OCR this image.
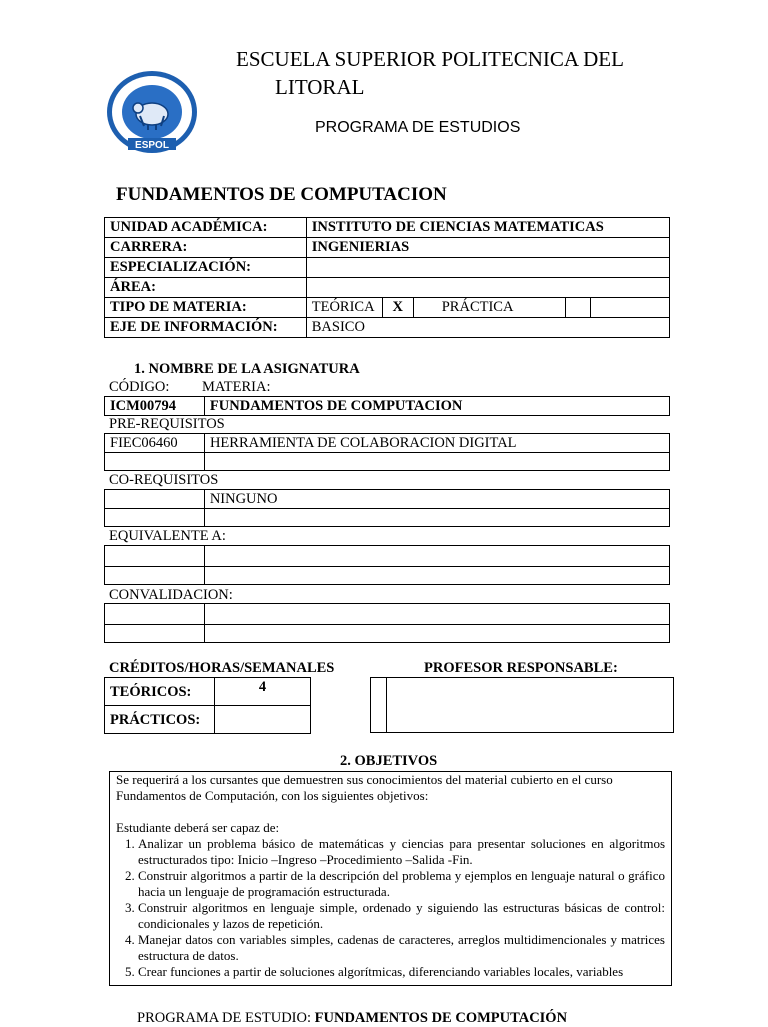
ESPOL
ESCUELA SUPERIOR POLITECNICA DEL
LITORAL
PROGRAMA DE ESTUDIOS
FUNDAMENTOS DE COMPUTACION
UNIDAD ACADÉMICA:	INSTITUTO DE CIENCIAS MATEMATICAS
CARRERA:	INGENIERIAS
ESPECIALIZACIÓN:	
ÁREA:	
TIPO DE MATERIA:		TEÓRICA	X	PRÁCTICA		

EJE DE INFORMACIÓN:	BASICO
1. NOMBRE DE LA ASIGNATURA
CÓDIGO: MATERIA:
ICM00794	FUNDAMENTOS DE COMPUTACION
PRE-REQUISITOS
FIEC06460	HERRAMIENTA DE COLABORACION DIGITAL

CO-REQUISITOS
	NINGUNO

EQUIVALENTE A:

CONVALIDACION:

CRÉDITOS/HORAS/SEMANALES	PROFESOR RESPONSABLE:
TEÓRICOS:	4
PRÁCTICOS:	

2. OBJETIVOS

Se requerirá a los cursantes que demuestren sus conocimientos del material cubierto en el curso Fundamentos de Computación, con los siguientes objetivos:

Estudiante deberá ser capaz de:

1. Analizar un problema básico de matemáticas y ciencias para presentar soluciones en algoritmos estructurados tipo: Inicio –Ingreso –Procedimiento –Salida -Fin.
2. Construir algoritmos a partir de la descripción del problema y ejemplos en lenguaje natural o gráfico hacia un lenguaje de programación estructurada.
3. Construir algoritmos en lenguaje simple, ordenado y siguiendo las estructuras básicas de control: condicionales y lazos de repetición.
4. Manejar datos con variables simples, cadenas de caracteres, arreglos multidimencionales y matrices estructura de datos.
5. Crear funciones a partir de soluciones algorítmicas, diferenciando variables locales, variables
PROGRAMA DE ESTUDIO: FUNDAMENTOS DE COMPUTACIÓN
